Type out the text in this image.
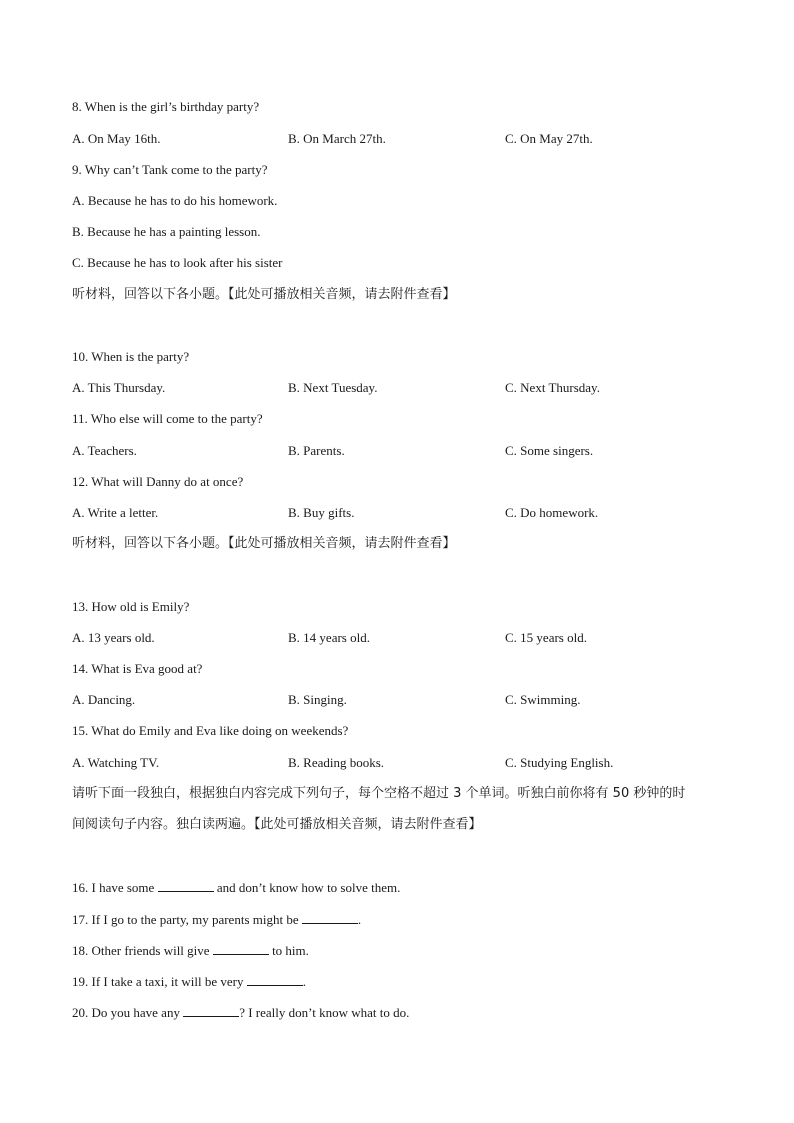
8. When is the girl’s birthday party?
A. On May 16th.	B. On March 27th.	C. On May 27th.
9. Why can’t Tank come to the party?
A. Because he has to do his homework.
B. Because he has a painting lesson.
C. Because he has to look after his sister
听材料，回答以下各小题。【此处可播放相关音频，请去附件查看】
10. When is the party?
A. This Thursday.	B. Next Tuesday.	C. Next Thursday.
11. Who else will come to the party?
A. Teachers.	B. Parents.	C. Some singers.
12. What will Danny do at once?
A. Write a letter.	B. Buy gifts.	C. Do homework.
听材料，回答以下各小题。【此处可播放相关音频，请去附件查看】
13. How old is Emily?
A. 13 years old.	B. 14 years old.	C. 15 years old.
14. What is Eva good at?
A. Dancing.	B. Singing.	C. Swimming.
15. What do Emily and Eva like doing on weekends?
A. Watching TV.	B. Reading books.	C. Studying English.
请听下面一段独白，根据独白内容完成下列句子，每个空格不超过 3 个单词。听独白前你将有 50 秒钟的时
间阅读句子内容。独白读两遍。【此处可播放相关音频，请去附件查看】
16. I have some	and don’t know how to solve them.
17. If I go to the party, my parents might be	.
18. Other friends will give	to him.
19. If I take a taxi, it will be very	.
20. Do you have any	? I really don’t know what to do.
